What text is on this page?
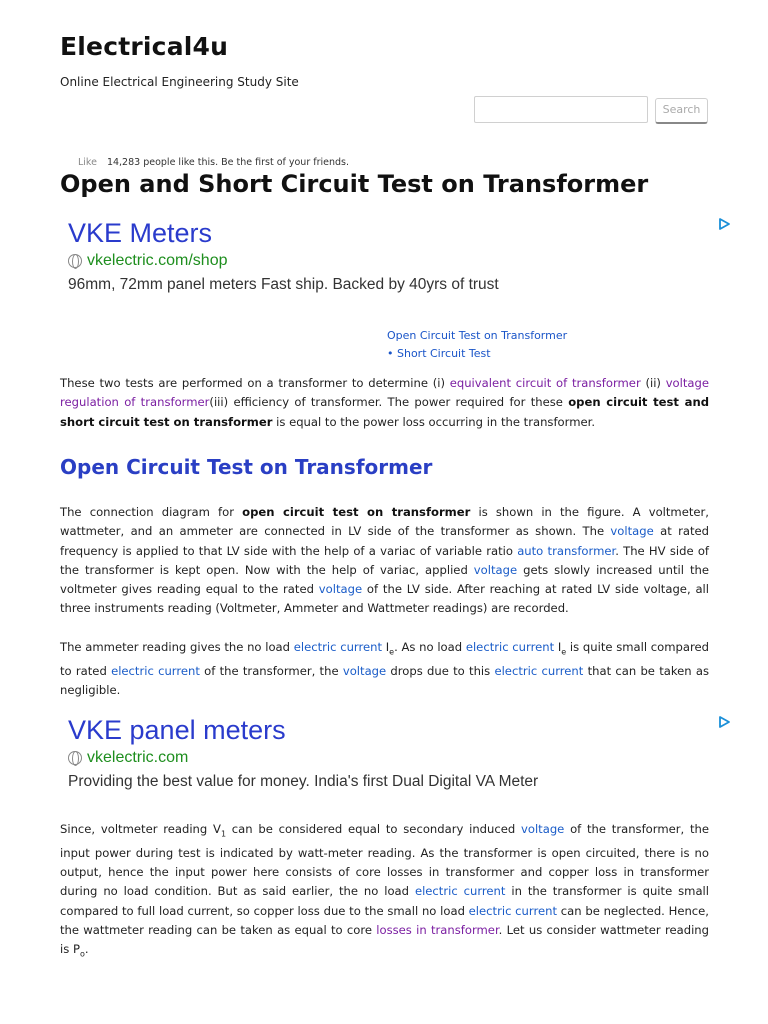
Electrical4u
Online Electrical Engineering Study Site
Search
Like 14,283 people like this. Be the first of your friends.
Open and Short Circuit Test on Transformer
VKE Meters
vkelectric.com/shop
96mm, 72mm panel meters Fast ship. Backed by 40yrs of trust
Open Circuit Test on Transformer
• Short Circuit Test

These two tests are performed on a transformer to determine (i) equivalent circuit of transformer (ii) voltage regulation of transformer(iii) efficiency of transformer. The power required for these open circuit test and short circuit test on transformer is equal to the power loss occurring in the transformer.

Open Circuit Test on Transformer

The connection diagram for open circuit test on transformer is shown in the figure. A voltmeter, wattmeter, and an ammeter are connected in LV side of the transformer as shown. The voltage at rated frequency is applied to that LV side with the help of a variac of variable ratio auto transformer. The HV side of the transformer is kept open. Now with the help of variac, applied voltage gets slowly increased until the voltmeter gives reading equal to the rated voltage of the LV side. After reaching at rated LV side voltage, all three instruments reading (Voltmeter, Ammeter and Wattmeter readings) are recorded.

The ammeter reading gives the no load electric current $I_e$. As no load electric current $I_e$ is quite small compared to rated electric current of the transformer, the voltage drops due to this electric current that can be taken as negligible.

VKE panel meters
vkelectric.com
Providing the best value for money. India's first Dual Digital VA Meter

Since, voltmeter reading $V_1$ can be considered equal to secondary induced voltage of the transformer, the input power during test is indicated by watt-meter reading. As the transformer is open circuited, there is no output, hence the input power here consists of core losses in transformer and copper loss in transformer during no load condition. But as said earlier, the no load electric current in the transformer is quite small compared to full load current, so copper loss due to the small no load electric current can be neglected. Hence, the wattmeter reading can be taken as equal to core losses in transformer. Let us consider wattmeter reading is $P_o$.
